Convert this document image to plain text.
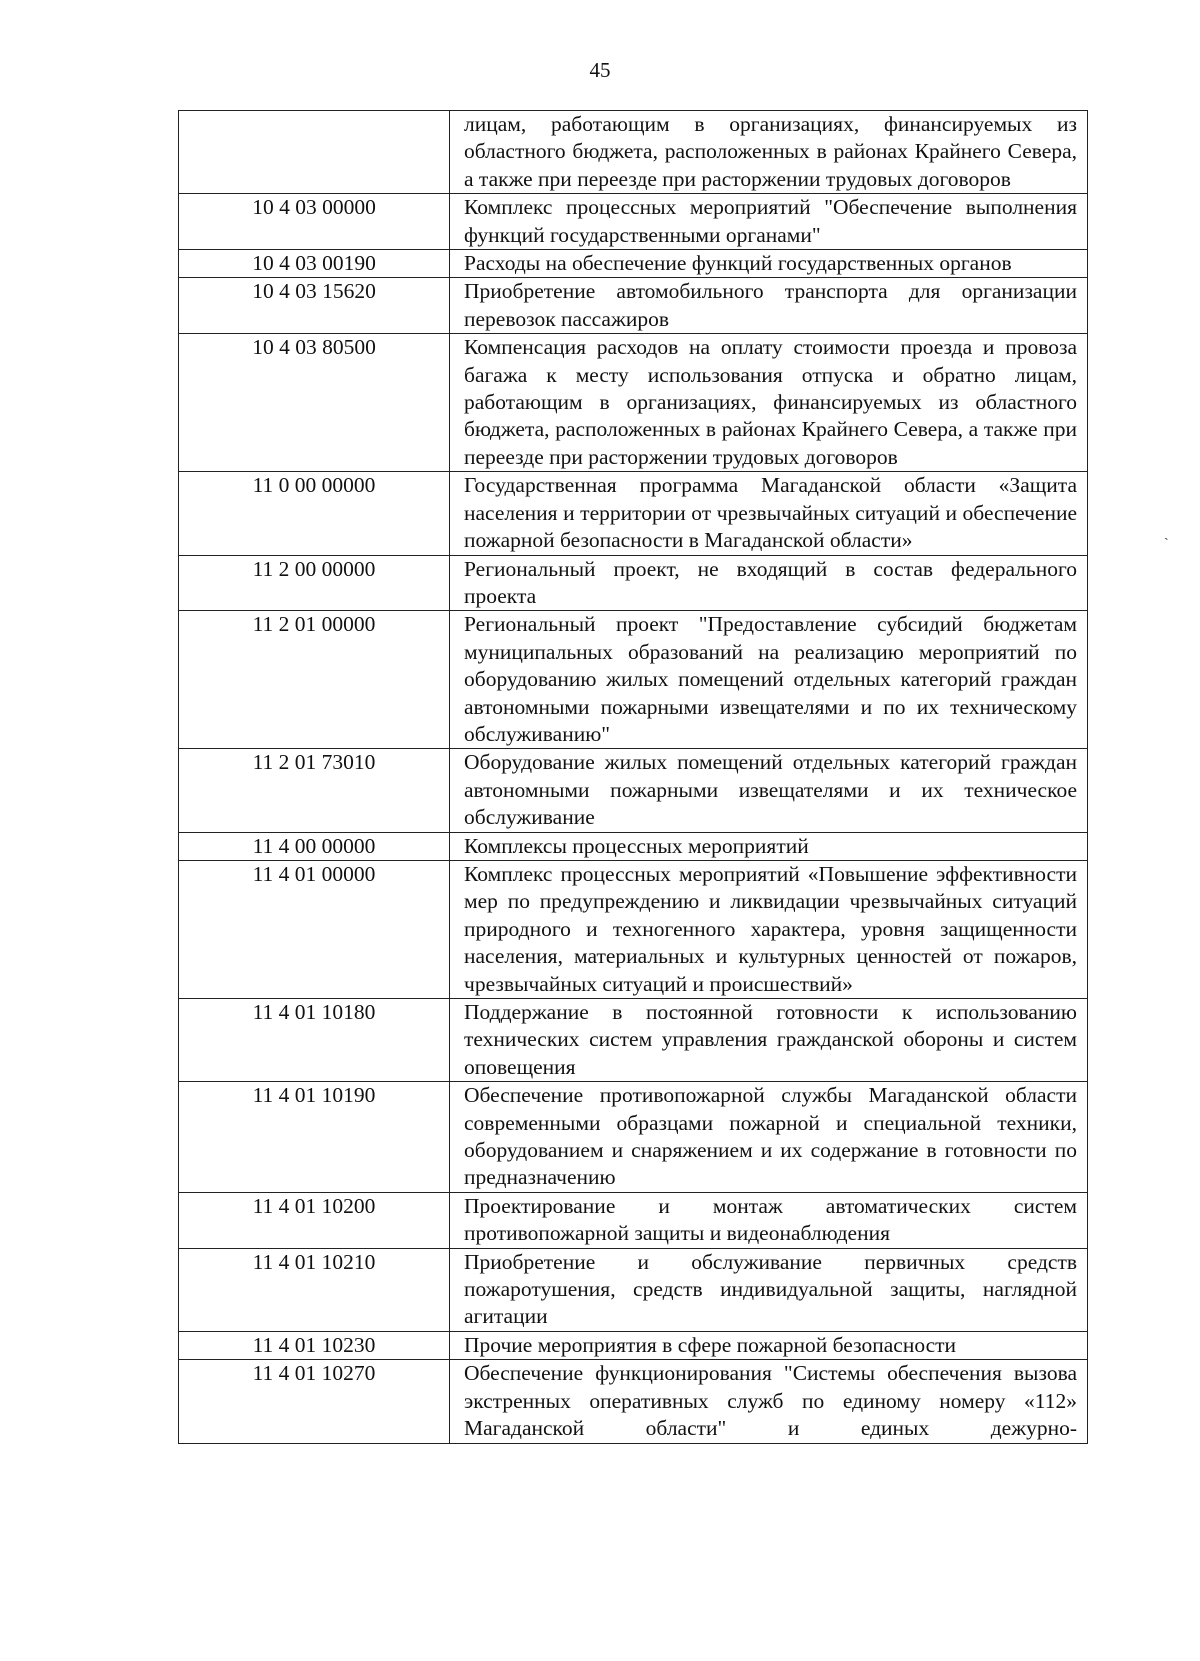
45
ˏ
	лицам, работающим в организациях, финансируемых из областного бюджета, расположенных в районах Крайнего Севера, а также при переезде при расторжении трудовых договоров
10 4 03 00000	Комплекс процессных мероприятий "Обеспечение выполнения функций государственными органами"
10 4 03 00190	Расходы на обеспечение функций государственных органов
10 4 03 15620	Приобретение автомобильного транспорта для организации перевозок пассажиров
10 4 03 80500	Компенсация расходов на оплату стоимости проезда и провоза багажа к месту использования отпуска и обратно лицам, работающим в организациях, финансируемых из областного бюджета, расположенных в районах Крайнего Севера, а также при переезде при расторжении трудовых договоров
11 0 00 00000	Государственная программа Магаданской области «Защита населения и территории от чрезвычайных ситуаций и обеспечение пожарной безопасности в Магаданской области»
11 2 00 00000	Региональный проект, не входящий в состав федерального проекта
11 2 01 00000	Региональный проект "Предоставление субсидий бюджетам муниципальных образований на реализацию мероприятий по оборудованию жилых помещений отдельных категорий граждан автономными пожарными извещателями и по их техническому обслуживанию"
11 2 01 73010	Оборудование жилых помещений отдельных категорий граждан автономными пожарными извещателями и их техническое обслуживание
11 4 00 00000	Комплексы процессных мероприятий
11 4 01 00000	Комплекс процессных мероприятий «Повышение эффективности мер по предупреждению и ликвидации чрезвычайных ситуаций природного и техногенного характера, уровня защищенности населения, материальных и культурных ценностей от пожаров, чрезвычайных ситуаций и происшествий»
11 4 01 10180	Поддержание в постоянной готовности к использованию технических систем управления гражданской обороны и систем оповещения
11 4 01 10190	Обеспечение противопожарной службы Магаданской области современными образцами пожарной и специальной техники, оборудованием и снаряжением и их содержание в готовности по предназначению
11 4 01 10200	Проектирование и монтаж автоматических систем противопожарной защиты и видеонаблюдения
11 4 01 10210	Приобретение и обслуживание первичных средств пожаротушения, средств индивидуальной защиты, наглядной агитации
11 4 01 10230	Прочие мероприятия в сфере пожарной безопасности
11 4 01 10270	Обеспечение функционирования "Системы обеспечения вызова экстренных оперативных служб по единому номеру «112» Магаданской области" и единых дежурно-
